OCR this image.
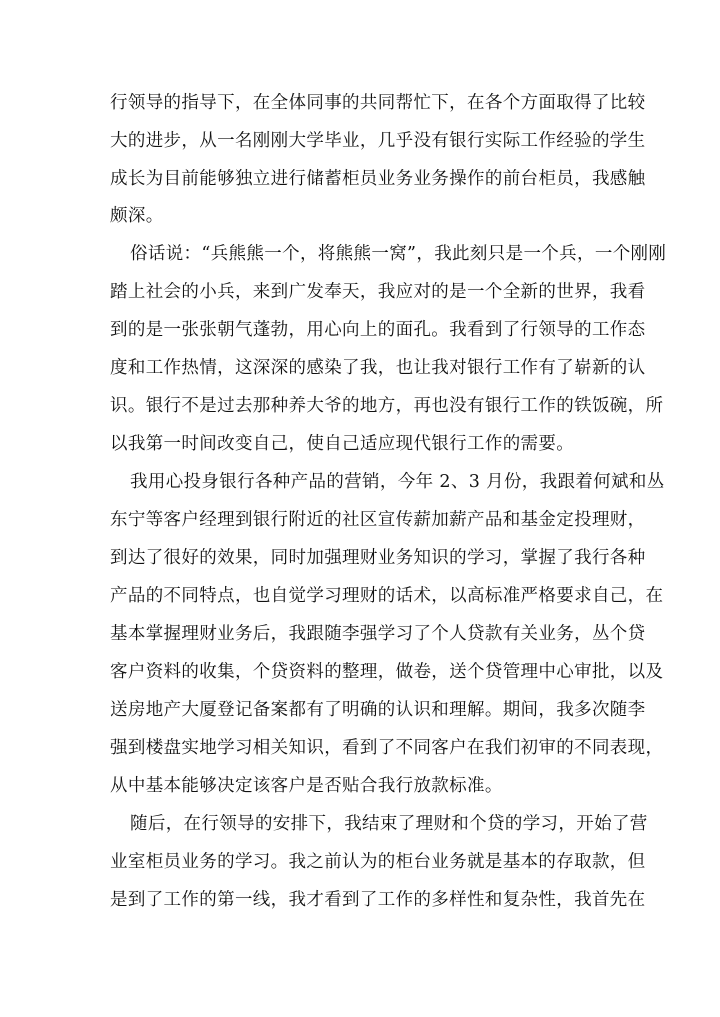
行领导的指导下，在全体同事的共同帮忙下，在各个方面取得了比较
大的进步，从一名刚刚大学毕业，几乎没有银行实际工作经验的学生
成长为目前能够独立进行储蓄柜员业务业务操作的前台柜员，我感触
颇深。
俗话说：“兵熊熊一个，将熊熊一窝”，我此刻只是一个兵，一个刚刚
踏上社会的小兵，来到广发奉天，我应对的是一个全新的世界，我看
到的是一张张朝气蓬勃，用心向上的面孔。我看到了行领导的工作态
度和工作热情，这深深的感染了我，也让我对银行工作有了崭新的认
识。银行不是过去那种养大爷的地方，再也没有银行工作的铁饭碗，所
以我第一时间改变自己，使自己适应现代银行工作的需要。
我用心投身银行各种产品的营销，今年 2、3 月份，我跟着何斌和丛
东宁等客户经理到银行附近的社区宣传薪加薪产品和基金定投理财，
到达了很好的效果，同时加强理财业务知识的学习，掌握了我行各种
产品的不同特点，也自觉学习理财的话术，以高标准严格要求自己，在
基本掌握理财业务后，我跟随李强学习了个人贷款有关业务，丛个贷
客户资料的收集，个贷资料的整理，做卷，送个贷管理中心审批，以及
送房地产大厦登记备案都有了明确的认识和理解。期间，我多次随李
强到楼盘实地学习相关知识，看到了不同客户在我们初审的不同表现，
从中基本能够决定该客户是否贴合我行放款标准。
随后，在行领导的安排下，我结束了理财和个贷的学习，开始了营
业室柜员业务的学习。我之前认为的柜台业务就是基本的存取款，但
是到了工作的第一线，我才看到了工作的多样性和复杂性，我首先在
